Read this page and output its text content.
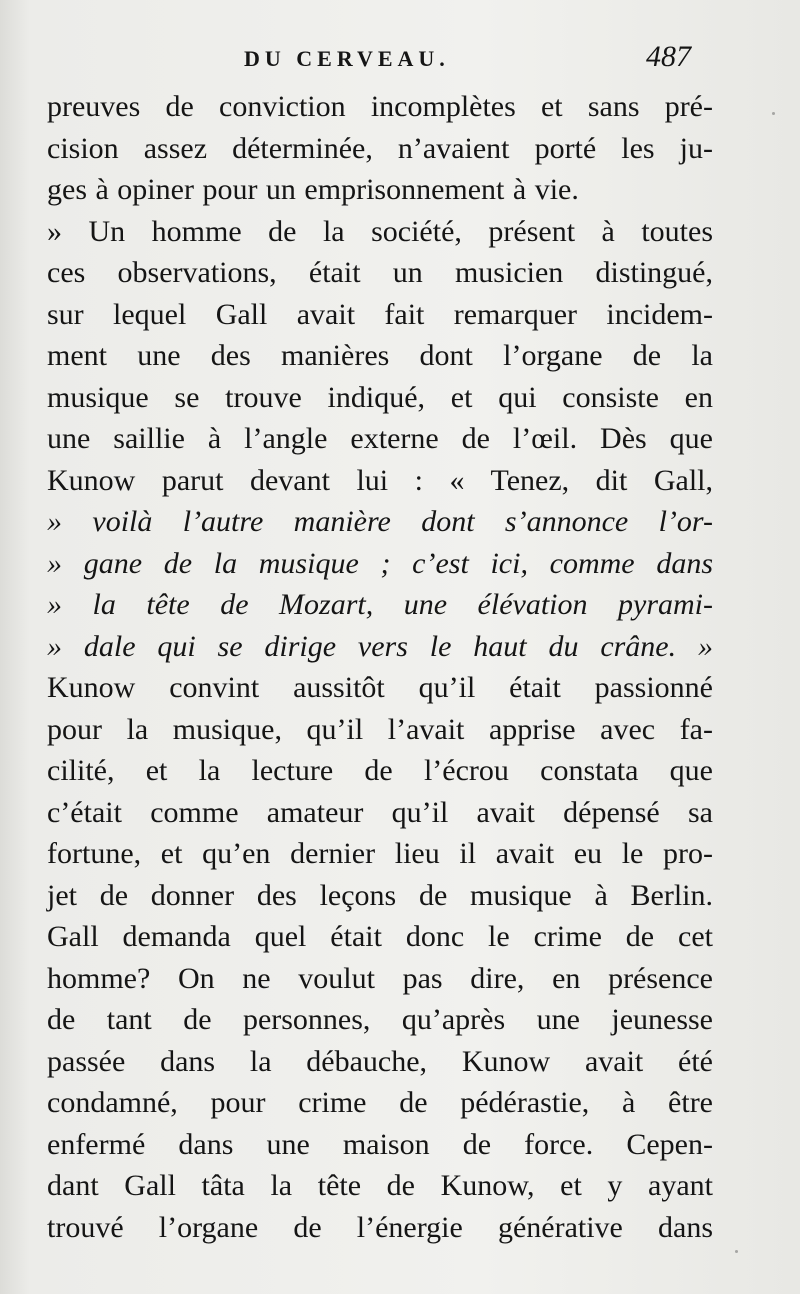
DU CERVEAU.	487
preuves de conviction incomplètes et sans pré-
cision assez déterminée, n’avaient porté les ju-
ges à opiner pour un emprisonnement à vie.
» Un homme de la société, présent à toutes
ces observations, était un musicien distingué,
sur lequel Gall avait fait remarquer incidem-
ment une des manières dont l’organe de la
musique se trouve indiqué, et qui consiste en
une saillie à l’angle externe de l’œil. Dès que
Kunow parut devant lui : « Tenez, dit Gall,
» voilà l’autre manière dont s’annonce l’or-
» gane de la musique ; c’est ici, comme dans
» la tête de Mozart, une élévation pyrami-
» dale qui se dirige vers le haut du crâne. »
Kunow convint aussitôt qu’il était passionné
pour la musique, qu’il l’avait apprise avec fa-
cilité, et la lecture de l’écrou constata que
c’était comme amateur qu’il avait dépensé sa
fortune, et qu’en dernier lieu il avait eu le pro-
jet de donner des leçons de musique à Berlin.
Gall demanda quel était donc le crime de cet
homme? On ne voulut pas dire, en présence
de tant de personnes, qu’après une jeunesse
passée dans la débauche, Kunow avait été
condamné, pour crime de pédérastie, à être
enfermé dans une maison de force. Cepen-
dant Gall tâta la tête de Kunow, et y ayant
trouvé l’organe de l’énergie générative dans
